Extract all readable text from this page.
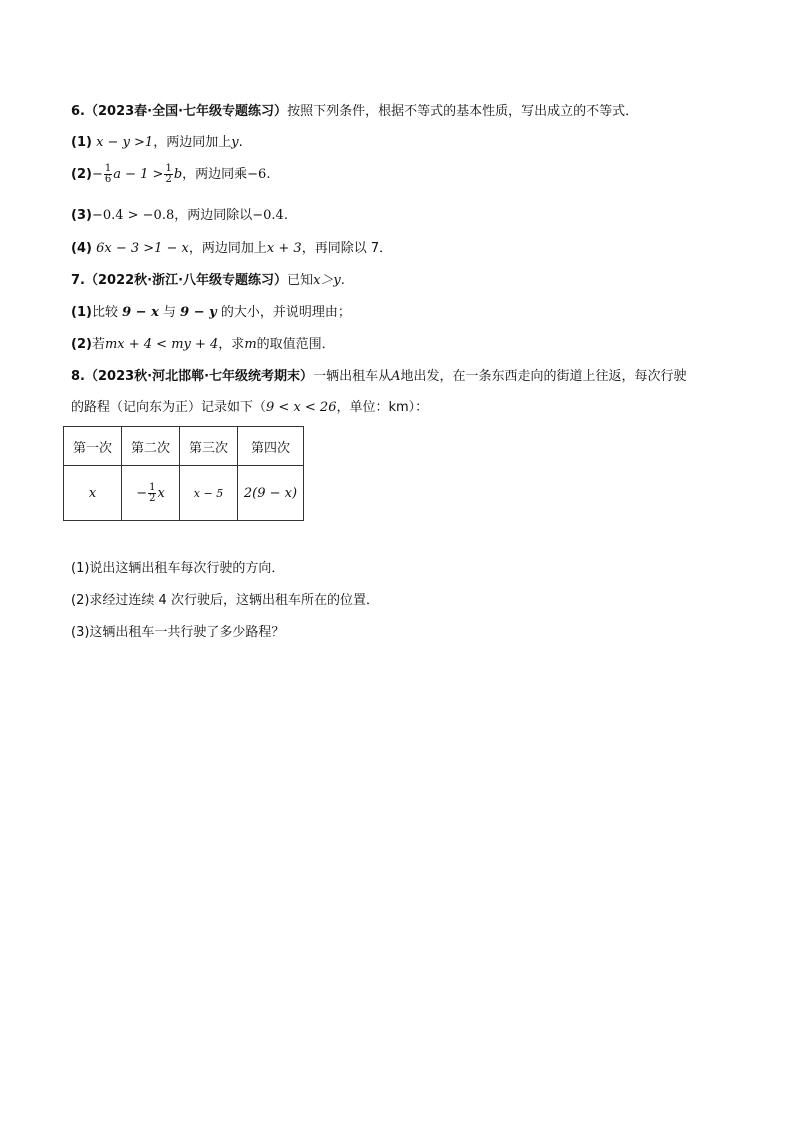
6.（2023春·全国·七年级专题练习）按照下列条件，根据不等式的基本性质，写出成立的不等式．
(1) x − y >1，两边同加上y.
$(2)- \frac{1}{6}$ $a - 1 > \frac{1}{2}$ b，两边同乘−6.
(3)−0.4 > −0.8，两边同除以−0.4.
(4) 6x − 3 >1 − x，两边同加上x + 3，再同除以 7．
7.（2022秋·浙江·八年级专题练习）已知x＞y.
(1)比较 9 − x 与 9 − y 的大小，并说明理由；
(2)若mx + 4 < my + 4，求m的取值范围．
8.（2023秋·河北邯郸·七年级统考期末）一辆出租车从A地出发，在一条东西走向的街道上往返，每次行驶
的路程（记向东为正）记录如下（9 < x < 26，单位：km）：
第一次	第二次	第三次	第四次
x	− $\frac{1}{2}$ x	x − 5	2(9 − x)
(1)说出这辆出租车每次行驶的方向．
(2)求经过连续 4 次行驶后，这辆出租车所在的位置．
(3)这辆出租车一共行驶了多少路程？
